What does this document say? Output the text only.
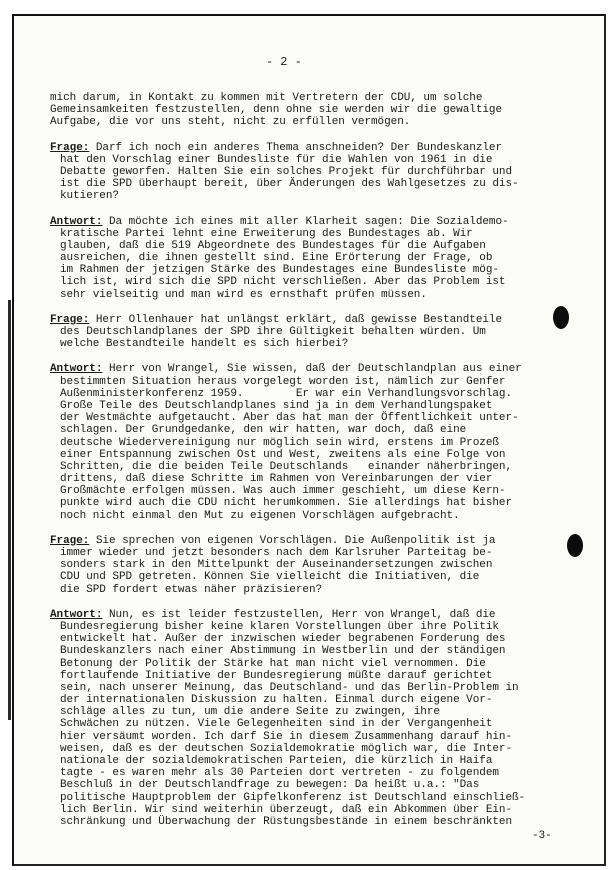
- 2 -
mich darum, in Kontakt zu kommen mit Vertretern der CDU, um solche
Gemeinsamkeiten festzustellen, denn ohne sie werden wir die gewaltige
Aufgabe, die vor uns steht, nicht zu erfüllen vermögen.
Frage: Darf ich noch ein anderes Thema anschneiden? Der Bundeskanzler
hat den Vorschlag einer Bundesliste für die Wahlen von 1961 in die
Debatte geworfen. Halten Sie ein solches Projekt für durchführbar und
ist die SPD überhaupt bereit, über Änderungen des Wahlgesetzes zu dis-
kutieren?
Antwort: Da möchte ich eines mit aller Klarheit sagen: Die Sozialdemo-
kratische Partei lehnt eine Erweiterung des Bundestages ab. Wir
glauben, daß die 519 Abgeordnete des Bundestages für die Aufgaben
ausreichen, die ihnen gestellt sind. Eine Erörterung der Frage, ob
im Rahmen der jetzigen Stärke des Bundestages eine Bundesliste mög-
lich ist, wird sich die SPD nicht verschließen. Aber das Problem ist
sehr vielseitig und man wird es ernsthaft prüfen müssen.
Frage: Herr Ollenhauer hat unlängst erklärt, daß gewisse Bestandteile
des Deutschlandplanes der SPD ihre Gültigkeit behalten würden. Um
welche Bestandteile handelt es sich hierbei?
Antwort: Herr von Wrangel, Sie wissen, daß der Deutschlandplan aus einer
bestimmten Situation heraus vorgelegt worden ist, nämlich zur Genfer
Außenministerkonferenz 1959.        Er war ein Verhandlungsvorschlag.
Große Teile des Deutschlandplanes sind ja in dem Verhandlungspaket
der Westmächte aufgetaucht. Aber das hat man der Öffentlichkeit unter-
schlagen. Der Grundgedanke, den wir hatten, war doch, daß eine
deutsche Wiedervereinigung nur möglich sein wird, erstens im Prozeß
einer Entspannung zwischen Ost und West, zweitens als eine Folge von
Schritten, die die beiden Teile Deutschlands   einander näherbringen,
drittens, daß diese Schritte im Rahmen von Vereinbarungen der vier
Großmächte erfolgen müssen. Was auch immer geschieht, um diese Kern-
punkte wird auch die CDU nicht herumkommen. Sie allerdings hat bisher
noch nicht einmal den Mut zu eigenen Vorschlägen aufgebracht.
Frage: Sie sprechen von eigenen Vorschlägen. Die Außenpolitik ist ja
immer wieder und jetzt besonders nach dem Karlsruher Parteitag be-
sonders stark in den Mittelpunkt der Auseinandersetzungen zwischen
CDU und SPD getreten. Können Sie vielleicht die Initiativen, die
die SPD fordert etwas näher präzisieren?
Antwort: Nun, es ist leider festzustellen, Herr von Wrangel, daß die
Bundesregierung bisher keine klaren Vorstellungen über ihre Politik
entwickelt hat. Außer der inzwischen wieder begrabenen Forderung des
Bundeskanzlers nach einer Abstimmung in Westberlin und der ständigen
Betonung der Politik der Stärke hat man nicht viel vernommen. Die
fortlaufende Initiative der Bundesregierung müßte darauf gerichtet
sein, nach unserer Meinung, das Deutschland- und das Berlin-Problem in
der internationalen Diskussion zu halten. Einmal durch eigene Vor-
schläge alles zu tun, um die andere Seite zu zwingen, ihre
Schwächen zu nützen. Viele Gelegenheiten sind in der Vergangenheit
hier versäumt worden. Ich darf Sie in diesem Zusammenhang darauf hin-
weisen, daß es der deutschen Sozialdemokratie möglich war, die Inter-
nationale der sozialdemokratischen Parteien, die kürzlich in Haifa
tagte - es waren mehr als 30 Parteien dort vertreten - zu folgendem
Beschluß in der Deutschlandfrage zu bewegen: Da heißt u.a.: "Das
politische Hauptproblem der Gipfelkonferenz ist Deutschland einschließ-
lich Berlin. Wir sind weiterhin überzeugt, daß ein Abkommen über Ein-
schränkung und Überwachung der Rüstungsbestände in einem beschränkten
-3-
